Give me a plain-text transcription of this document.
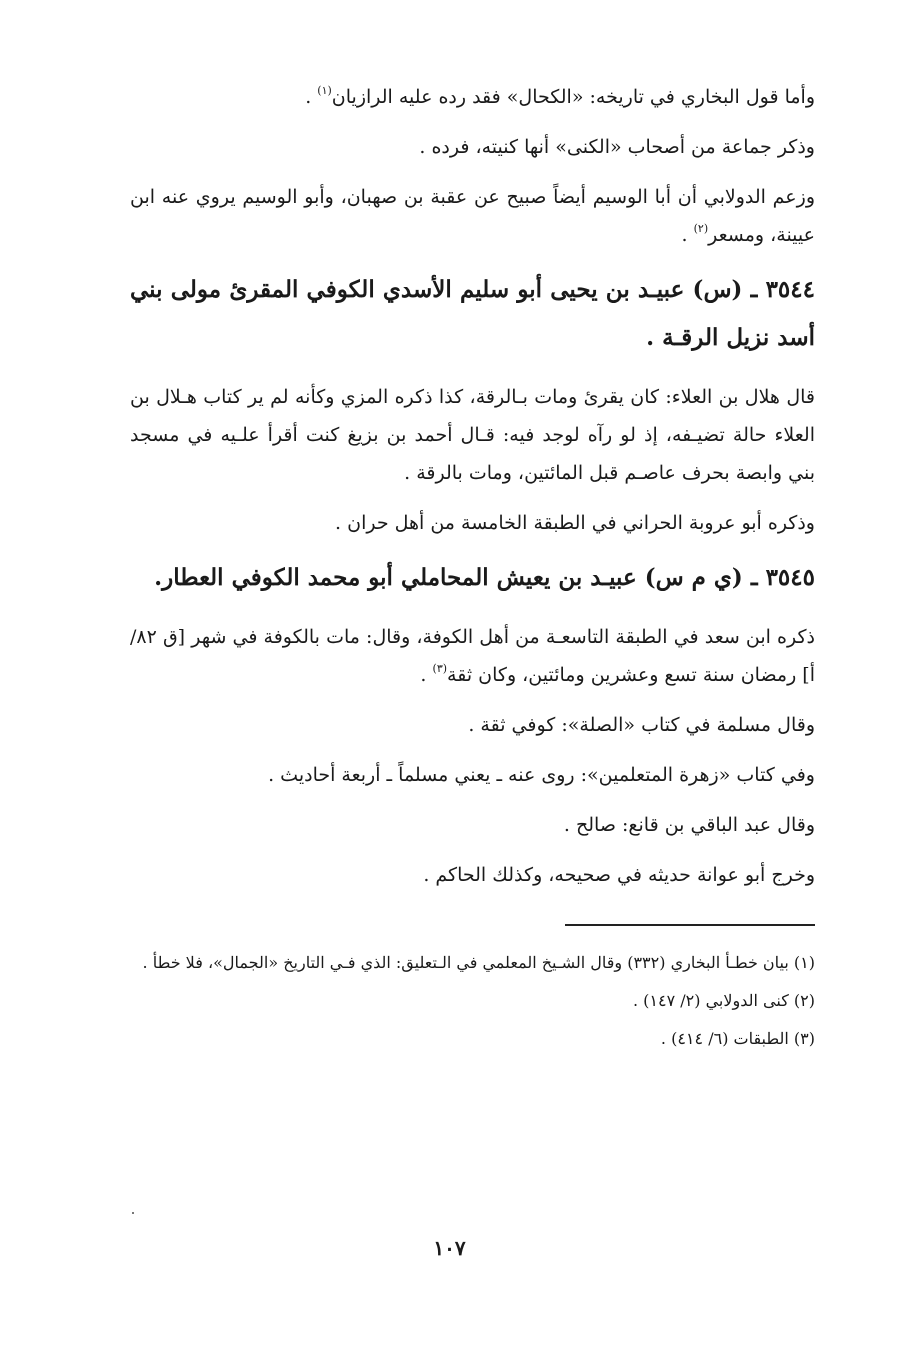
وأما قول البخاري في تاريخه: «الكحال» فقد رده عليه الرازيان$^{(١)}$ .

وذكر جماعة من أصحاب «الكنى» أنها كنيته، فرده .

وزعم الدولابي أن أبا الوسيم أيضاً صبيح عن عقبة بن صهبان، وأبو الوسيم يروي عنه ابن عيينة، ومسعر$^{(٢)}$ .

٣٥٤٤ ـ (س) عبيـد بن يحيى أبو سليم الأسدي الكوفي المقرئ مولى بني أسد نزيل الرقـة .

قال هلال بن العلاء: كان يقرئ ومات بـالرقة، كذا ذكره المزي وكأنه لم ير كتاب هـلال بن العلاء حالة تضيـفه، إذ لو رآه لوجد فيه: قـال أحمد بن بزيغ كنت أقرأ علـيه في مسجد بني وابصة بحرف عاصـم قبل المائتين، ومات بالرقة .

وذكره أبو عروبة الحراني في الطبقة الخامسة من أهل حران .

٣٥٤٥ ـ (ي م س) عبيـد بن يعيش المحاملي أبو محمد الكوفي العطار.

ذكره ابن سعد في الطبقة التاسعـة من أهل الكوفة، وقال: مات بالكوفة في شهر [ق ٨٢/أ] رمضان سنة تسع وعشرين ومائتين، وكان ثقة$^{(٣)}$ .

وقال مسلمة في كتاب «الصلة»: كوفي ثقة .

وفي كتاب «زهرة المتعلمين»: روى عنه ـ يعني مسلماً ـ أربعة أحاديث .

وقال عبد الباقي بن قانع: صالح .

وخرج أبو عوانة حديثه في صحيحه، وكذلك الحاكم .

(١) بيان خطـأ البخاري (٣٣٢) وقال الشـيخ المعلمي في الـتعليق: الذي فـي التاريخ «الجمال»، فلا خطأ .

(٢) كنى الدولابي (٢/ ١٤٧) .

(٣) الطبقات (٦/ ٤١٤) .

١٠٧
